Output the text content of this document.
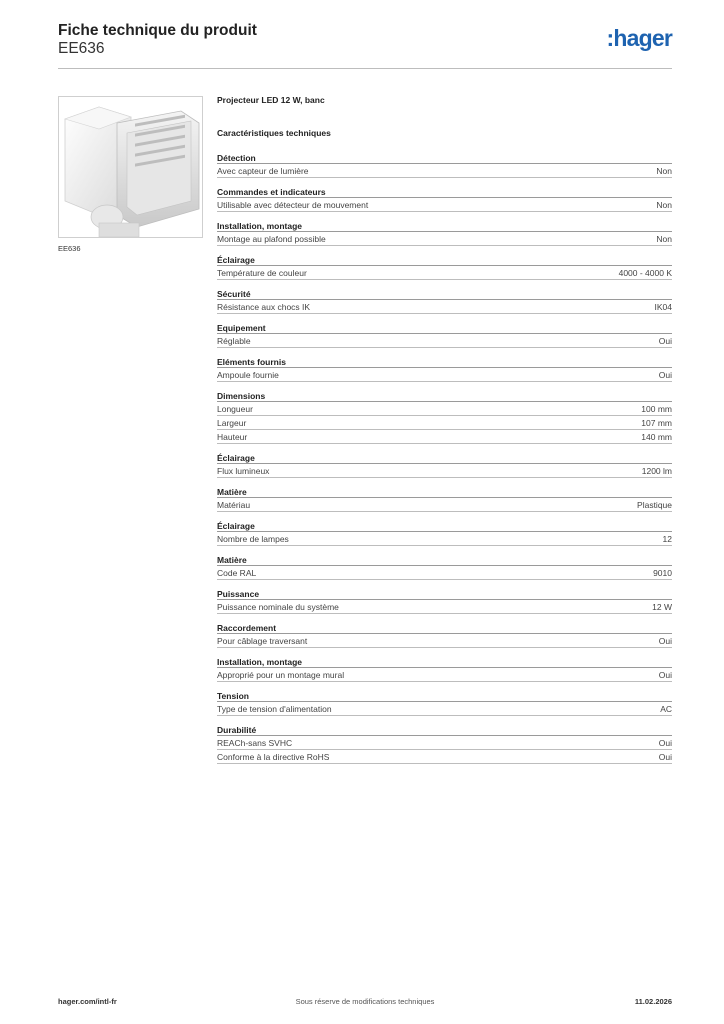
Fiche technique du produit
EE636	:hager
EE636
Projecteur LED 12 W, banc
Caractéristiques techniques
Détection
Avec capteur de lumière	Non
Commandes et indicateurs
Utilisable avec détecteur de mouvement	Non
Installation, montage
Montage au plafond possible	Non
Éclairage
Température de couleur	4000 - 4000 K
Sécurité
Résistance aux chocs IK	IK04
Equipement
Réglable	Oui
Eléments fournis
Ampoule fournie	Oui
Dimensions
Longueur	100 mm
Largeur	107 mm
Hauteur	140 mm
Éclairage
Flux lumineux	1200 lm
Matière
Matériau	Plastique
Éclairage
Nombre de lampes	12
Matière
Code RAL	9010
Puissance
Puissance nominale du système	12 W
Raccordement
Pour câblage traversant	Oui
Installation, montage
Approprié pour un montage mural	Oui
Tension
Type de tension d'alimentation	AC
Durabilité
REACh-sans SVHC	Oui
Conforme à la directive RoHS	Oui
Sous réserve de modifications techniques
hager.com/intl-fr	11.02.2026
